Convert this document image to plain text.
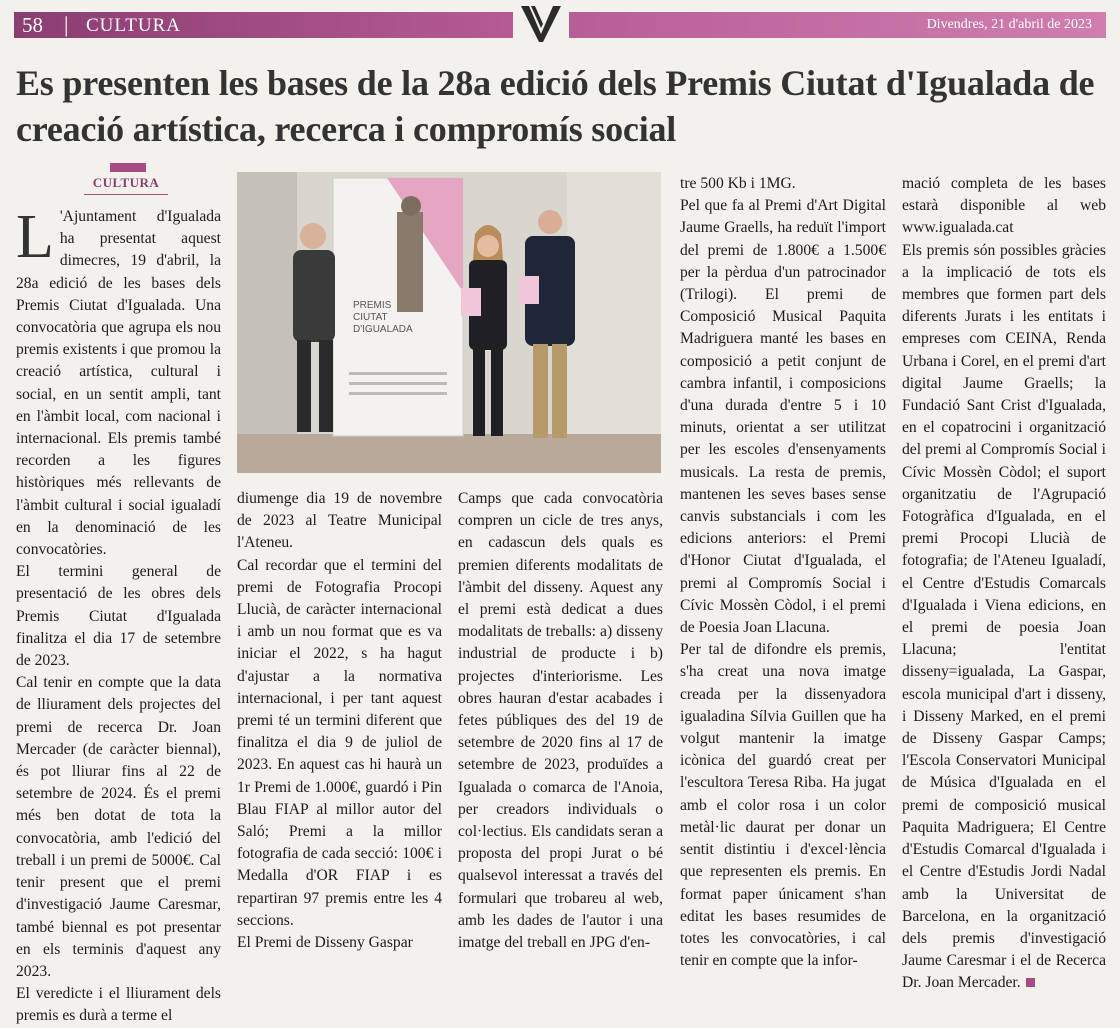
58 | CULTURA	Divendres, 21 d'abril de 2023
Es presenten les bases de la 28a edició dels Premis Ciutat d'Igualada de creació artística, recerca i compromís social
CULTURA
PREMIS
CIUTAT
D'IGUALADA

L 'Ajuntament d'Igualada ha presentat aquest dimecres, 19 d'abril, la 28a edició de les bases dels Premis Ciutat d'Igualada. Una convocatòria que agrupa els nou premis existents i que promou la creació artística, cultural i social, en un sentit ampli, tant en l'àmbit local, com nacional i internacional. Els premis també recorden a les figures històriques més rellevants de l'àmbit cultural i social igualadí en la denominació de les convocatòries.

El termini general de presentació de les obres dels Premis Ciutat d'Igualada finalitza el dia 17 de setembre de 2023.

Cal tenir en compte que la data de lliurament dels projectes del premi de recerca Dr. Joan Mercader (de caràcter biennal), és pot lliurar fins al 22 de setembre de 2024. És el premi més ben dotat de tota la convocatòria, amb l'edició del treball i un premi de 5000€. Cal tenir present que el premi d'investigació Jaume Caresmar, també biennal es pot presentar en els terminis d'aquest any 2023.

El veredicte i el lliurament dels premis es durà a terme el

diumenge dia 19 de novembre de 2023 al Teatre Municipal l'Ateneu.

Cal recordar que el termini del premi de Fotografia Procopi Llucià, de caràcter internacional i amb un nou format que es va iniciar el 2022, s ha hagut d'ajustar a la normativa internacional, i per tant aquest premi té un termini diferent que finalitza el dia 9 de juliol de 2023. En aquest cas hi haurà un 1r Premi de 1.000€, guardó i Pin Blau FIAP al millor autor del Saló; Premi a la millor fotografia de cada secció: 100€ i Medalla d'OR FIAP i es repartiran 97 premis entre les 4 seccions.

El Premi de Disseny Gaspar

Camps que cada convocatòria compren un cicle de tres anys, en cadascun dels quals es premien diferents modalitats de l'àmbit del disseny. Aquest any el premi està dedicat a dues modalitats de treballs: a) disseny industrial de producte i b) projectes d'interiorisme. Les obres hauran d'estar acabades i fetes públiques des del 19 de setembre de 2020 fins al 17 de setembre de 2023, produïdes a Igualada o comarca de l'Anoia, per creadors individuals o col·lectius. Els candidats seran a proposta del propi Jurat o bé qualsevol interessat a través del formulari que trobareu al web, amb les dades de l'autor i una imatge del treball en JPG d'en-

tre 500 Kb i 1MG.

Pel que fa al Premi d'Art Digital Jaume Graells, ha reduït l'import del premi de 1.800€ a 1.500€ per la pèrdua d'un patrocinador (Trilogi). El premi de Composició Musical Paquita Madriguera manté les bases en composició a petit conjunt de cambra infantil, i composicions d'una durada d'entre 5 i 10 minuts, orientat a ser utilitzat per les escoles d'ensenyaments musicals. La resta de premis, mantenen les seves bases sense canvis substancials i com les edicions anteriors: el Premi d'Honor Ciutat d'Igualada, el premi al Compromís Social i Cívic Mossèn Còdol, i el premi de Poesia Joan Llacuna.

Per tal de difondre els premis, s'ha creat una nova imatge creada per la dissenyadora igualadina Sílvia Guillen que ha volgut mantenir la imatge icònica del guardó creat per l'escultora Teresa Riba. Ha jugat amb el color rosa i un color metàl·lic daurat per donar un sentit distintiu i d'excel·lència que representen els premis. En format paper únicament s'han editat les bases resumides de totes les convocatòries, i cal tenir en compte que la infor-

mació completa de les bases estarà disponible al web www.igualada.cat

Els premis són possibles gràcies a la implicació de tots els membres que formen part dels diferents Jurats i les entitats i empreses com CEINA, Renda Urbana i Corel, en el premi d'art digital Jaume Graells; la Fundació Sant Crist d'Igualada, en el copatrocini i organització del premi al Compromís Social i Cívic Mossèn Còdol; el suport organitzatiu de l'Agrupació Fotogràfica d'Igualada, en el premi Procopi Llucià de fotografia; de l'Ateneu Igualadí, el Centre d'Estudis Comarcals d'Igualada i Viena edicions, en el premi de poesia Joan Llacuna; l'entitat disseny=igualada, La Gaspar, escola municipal d'art i disseny, i Disseny Marked, en el premi de Disseny Gaspar Camps; l'Escola Conservatori Municipal de Música d'Igualada en el premi de composició musical Paquita Madriguera; El Centre d'Estudis Comarcal d'Igualada i el Centre d'Estudis Jordi Nadal amb la Universitat de Barcelona, en la organització dels premis d'investigació Jaume Caresmar i el de Recerca Dr. Joan Mercader.
